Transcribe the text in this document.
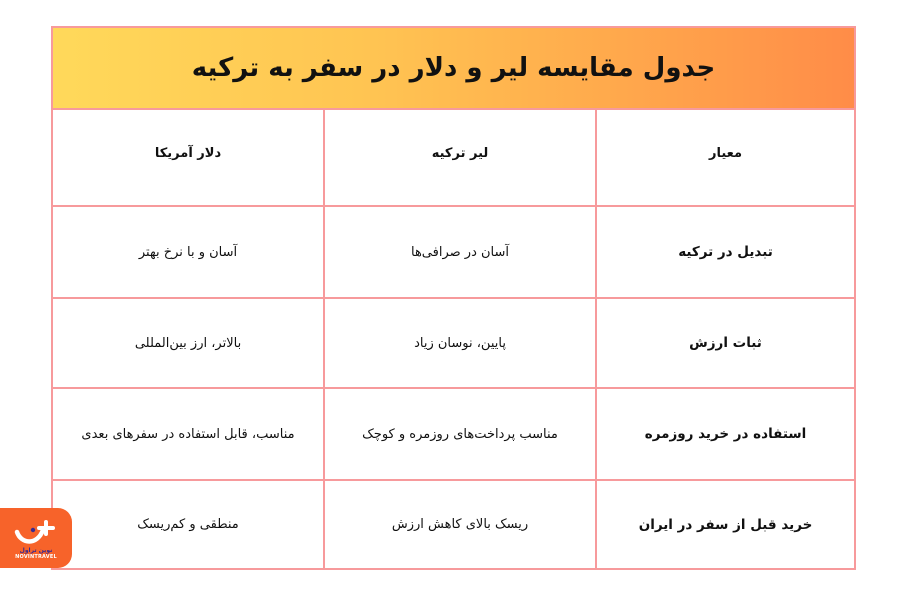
جدول مقایسه لیر و دلار در سفر به ترکیه
دلار آمریکا	لیر ترکیه	معیار
آسان و با نرخ بهتر	آسان در صرافی‌ها	تبدیل در ترکیه
بالاتر، ارز بین‌المللی	پایین، نوسان زیاد	ثبات ارزش
مناسب، قابل استفاده در سفرهای بعدی	مناسب پرداخت‌های روزمره و کوچک	استفاده در خرید روزمره
منطقی و کم‌ریسک	ریسک بالای کاهش ارزش	خرید قبل از سفر در ایران
نوین تراول
NOVINTRAVEL
